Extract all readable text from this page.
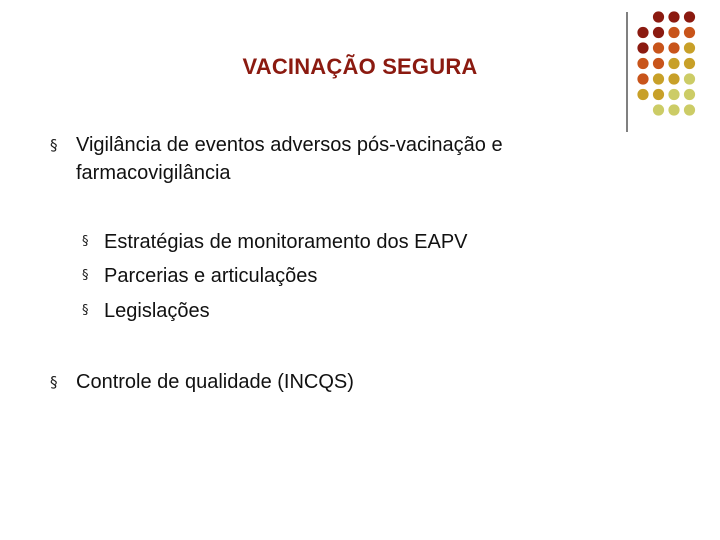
VACINAÇÃO SEGURA
§ Vigilância de eventos adversos pós-vacinação e
farmacovigilância
§ Estratégias de monitoramento dos EAPV
§ Parcerias e articulações
§ Legislações
§ Controle de qualidade (INCQS)
